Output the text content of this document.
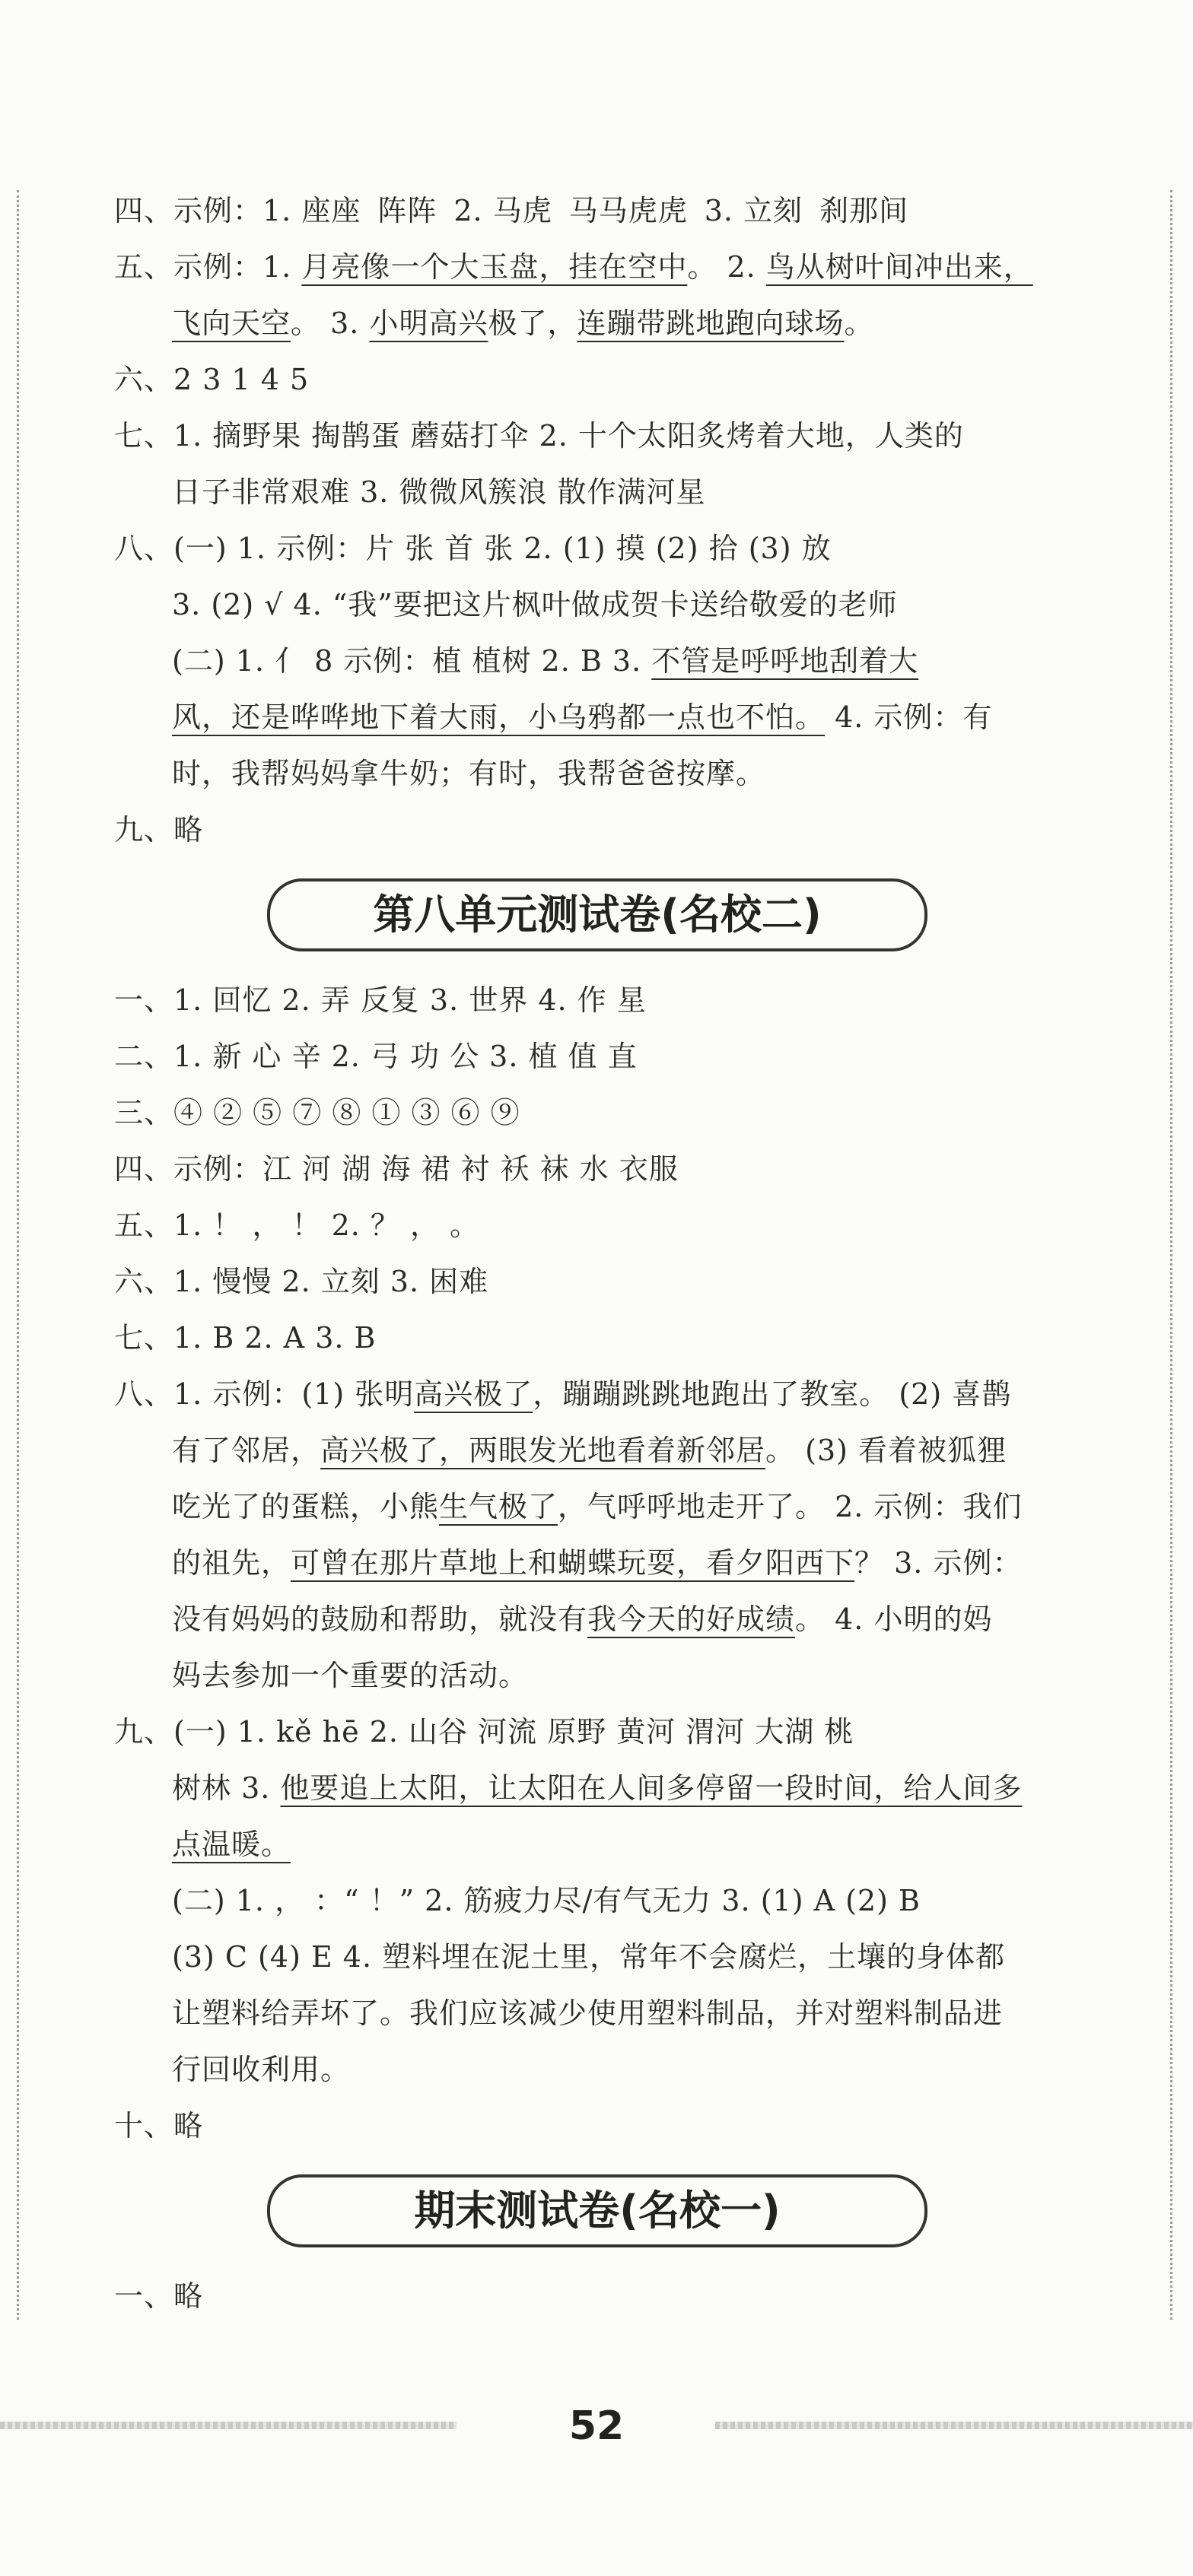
四、示例：1. 座座 阵阵 2. 马虎 马马虎虎 3. 立刻 刹那间
五、示例：1. 月亮像一个大玉盘，挂在空中。 2. 鸟从树叶间冲出来，
飞向天空。 3. 小明高兴极了，连蹦带跳地跑向球场。
六、2 3 1 4 5
七、1. 摘野果 掏鹊蛋 蘑菇打伞 2. 十个太阳炙烤着大地，人类的
日子非常艰难 3. 微微风簇浪 散作满河星
八、(一) 1. 示例：片 张 首 张 2. (1) 摸 (2) 拾 (3) 放
3. (2) √ 4. “我”要把这片枫叶做成贺卡送给敬爱的老师
(二) 1. 亻 8 示例：植 植树 2. B 3. 不管是呼呼地刮着大
风，还是哗哗地下着大雨，小乌鸦都一点也不怕。 4. 示例：有
时，我帮妈妈拿牛奶；有时，我帮爸爸按摩。
九、略
第八单元测试卷(名校二)
一、1. 回忆 2. 弄 反复 3. 世界 4. 作 星
二、1. 新 心 辛 2. 弓 功 公 3. 植 值 直
三、④ ② ⑤ ⑦ ⑧ ① ③ ⑥ ⑨
四、示例：江 河 湖 海 裙 衬 袄 袜 水 衣服
五、1. ！ ， ！ 2. ？ ， 。
六、1. 慢慢 2. 立刻 3. 困难
七、1. B 2. A 3. B
八、1. 示例：(1) 张明高兴极了，蹦蹦跳跳地跑出了教室。 (2) 喜鹊
有了邻居，高兴极了，两眼发光地看着新邻居。 (3) 看着被狐狸
吃光了的蛋糕，小熊生气极了，气呼呼地走开了。 2. 示例：我们
的祖先，可曾在那片草地上和蝴蝶玩耍，看夕阳西下？ 3. 示例：
没有妈妈的鼓励和帮助，就没有我今天的好成绩。 4. 小明的妈
妈去参加一个重要的活动。
九、(一) 1. kě hē 2. 山谷 河流 原野 黄河 渭河 大湖 桃
树林 3. 他要追上太阳，让太阳在人间多停留一段时间，给人间多
点温暖。
(二) 1. ， ：“ ！” 2. 筋疲力尽/有气无力 3. (1) A (2) B
(3) C (4) E 4. 塑料埋在泥土里，常年不会腐烂，土壤的身体都
让塑料给弄坏了。我们应该减少使用塑料制品，并对塑料制品进
行回收利用。
十、略
期末测试卷(名校一)
一、略
52
